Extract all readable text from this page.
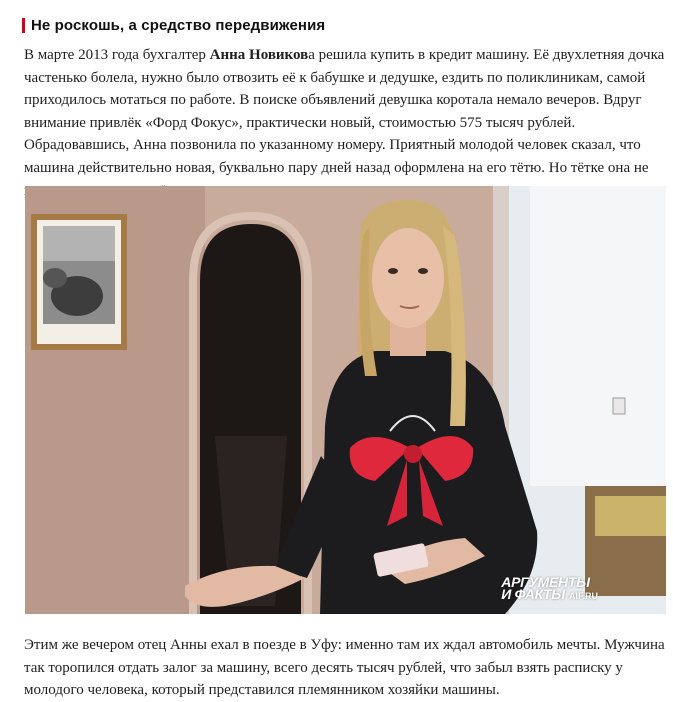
Не роскошь, а средство передвижения

В марте 2013 года бухгалтер Анна Новикова решила купить в кредит машину. Её двухлетняя дочка частенько болела, нужно было отвозить её к бабушке и дедушке, ездить по поликлиникам, самой приходилось мотаться по работе. В поиске объявлений девушка коротала немало вечеров. Вдруг внимание привлёк «Форд Фокус», практически новый, стоимостью 575 тысяч рублей. Обрадовавшись, Анна позвонила по указанному номеру. Приятный молодой человек сказал, что машина действительно новая, буквально пару дней назад оформлена на его тётю. Но тётке она не

АРГУМЕНТЫ
И ФАКТЫ AIF.RU

Этим же вечером отец Анны ехал в поезде в Уфу: именно там их ждал автомобиль мечты. Мужчина так торопился отдать залог за машину, всего десять тысяч рублей, что забыл взять расписку у молодого человека, который представился племянником хозяйки машины.
